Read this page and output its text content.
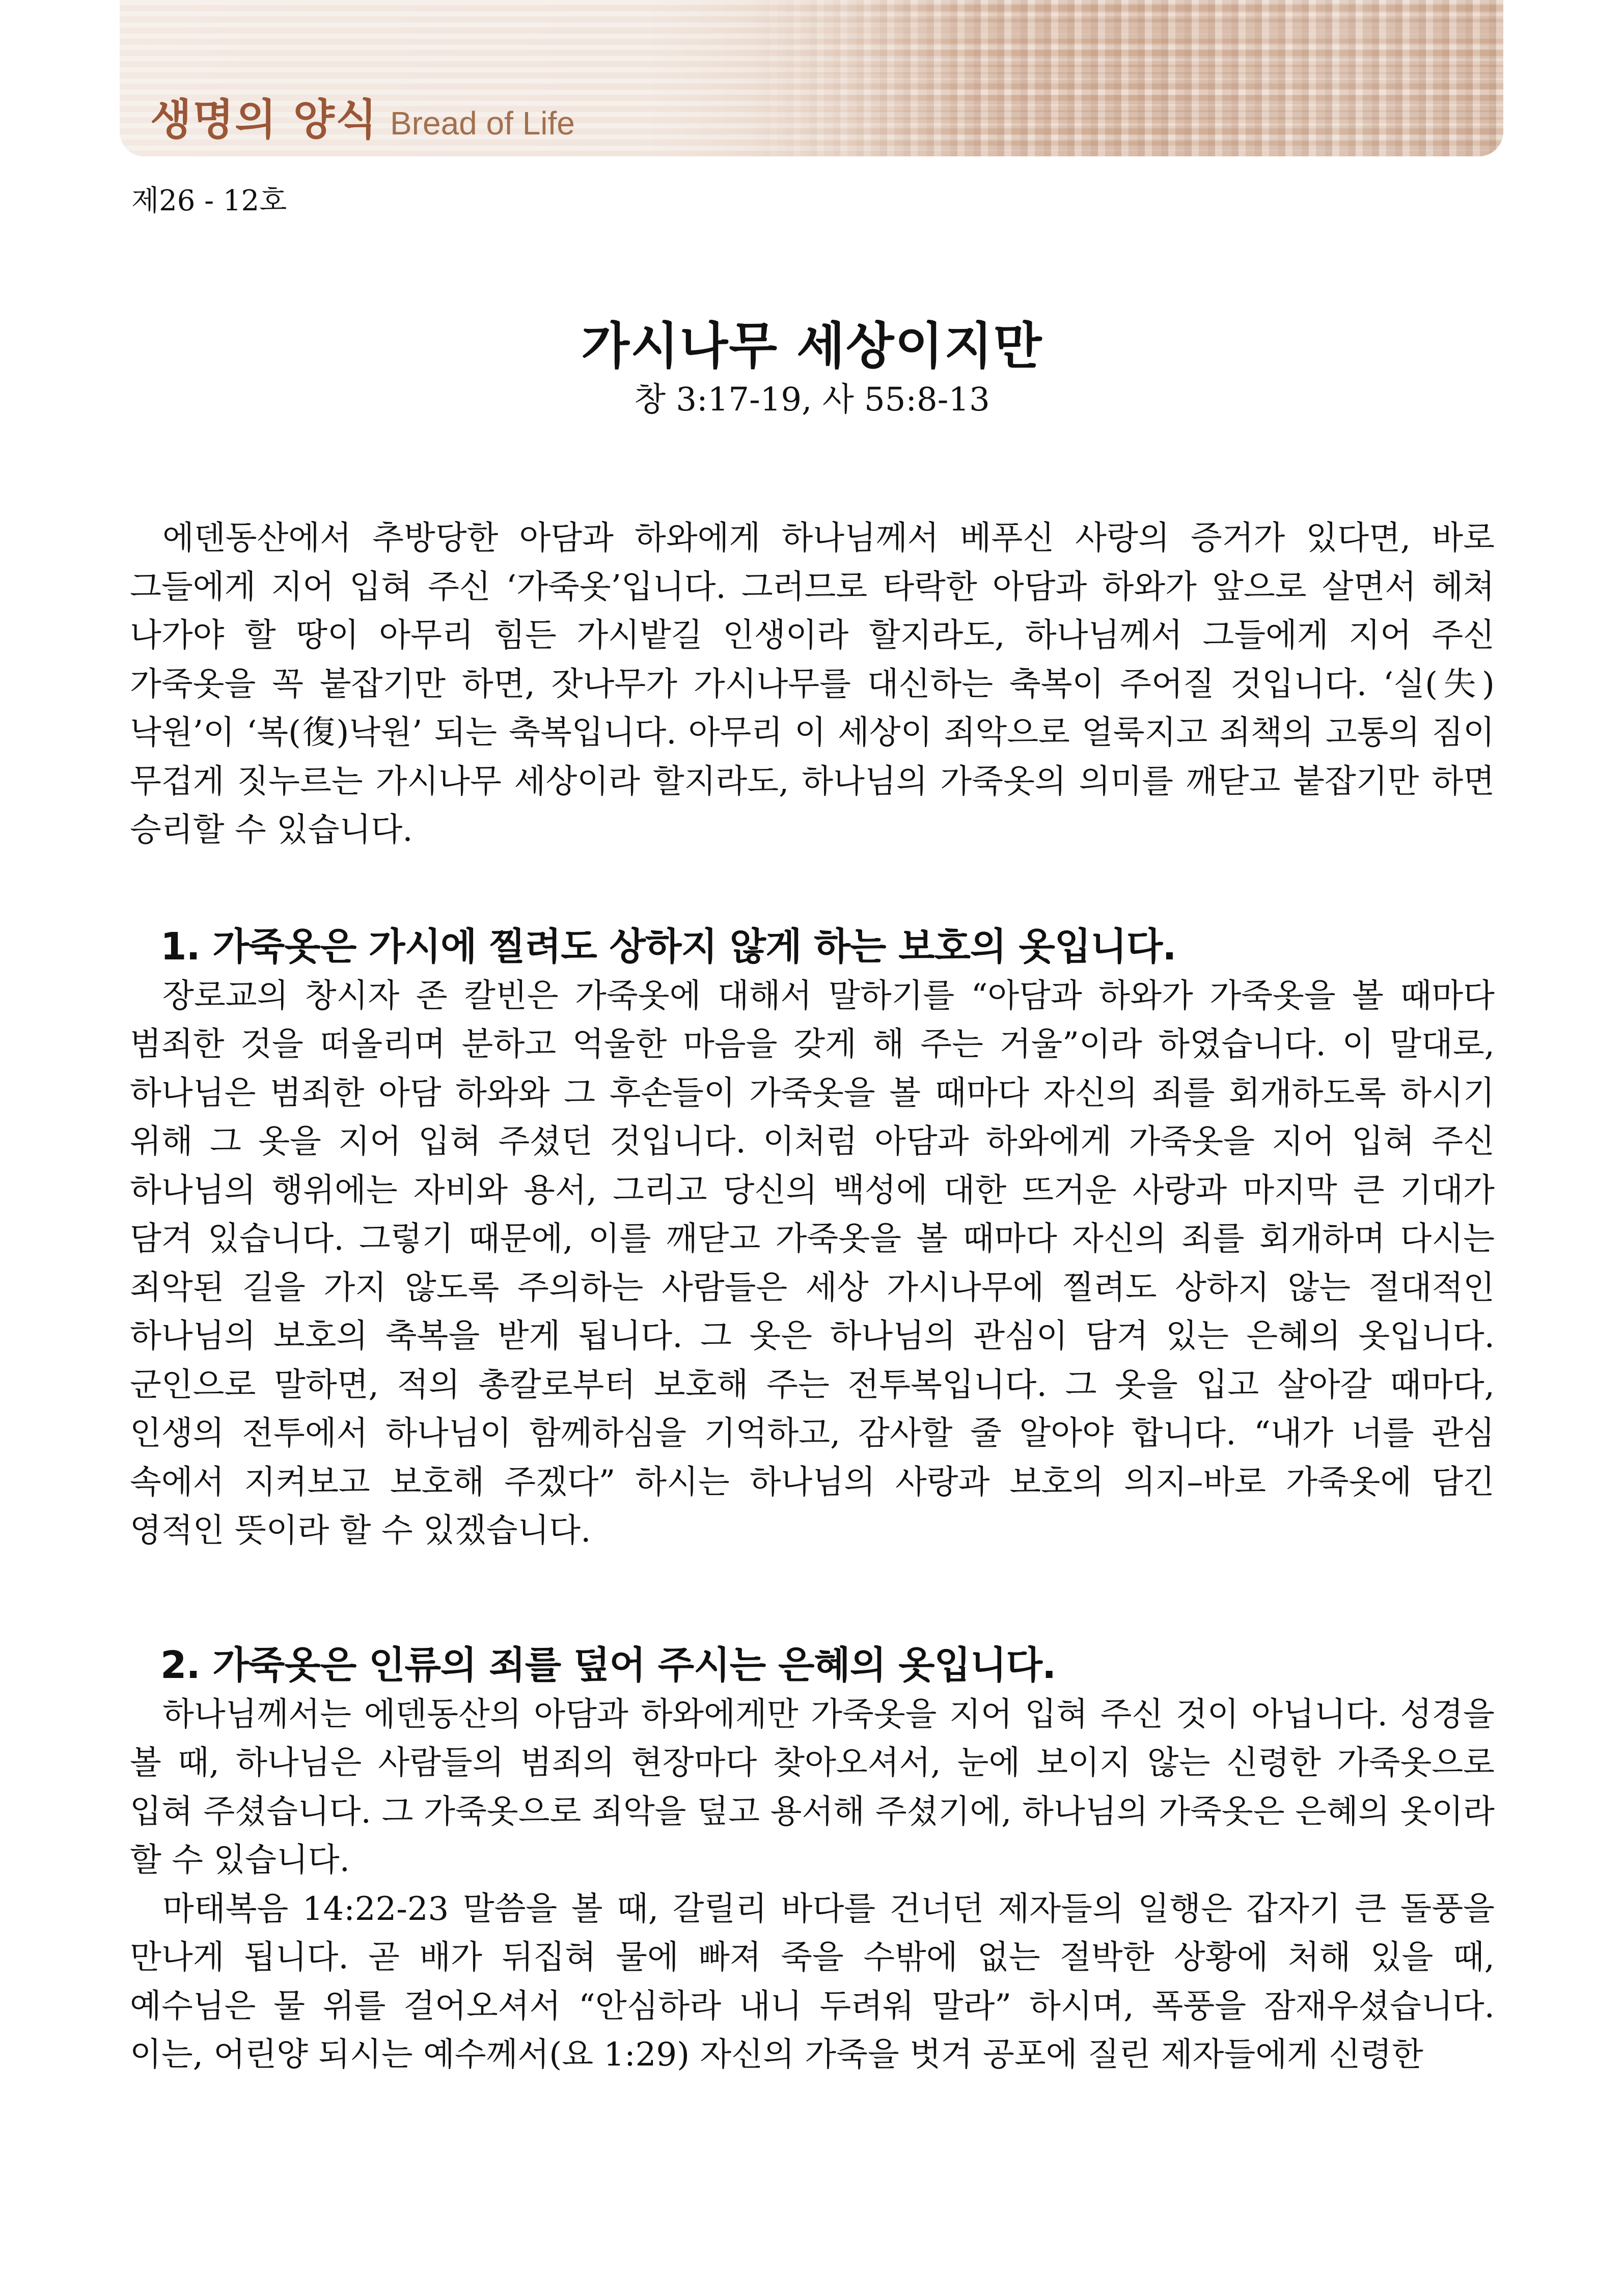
생명의 양식 Bread of Life
제26 - 12호
가시나무 세상이지만
창 3:17-19, 사 55:8-13

에덴동산에서 추방당한 아담과 하와에게 하나님께서 베푸신 사랑의 증거가 있다면, 바로 그들에게 지어 입혀 주신 ‘가죽옷’입니다. 그러므로 타락한 아담과 하와가 앞으로 살면서 헤쳐 나가야 할 땅이 아무리 힘든 가시밭길 인생이라 할지라도, 하나님께서 그들에게 지어 주신 가죽옷을 꼭 붙잡기만 하면, 잣나무가 가시나무를 대신하는 축복이 주어질 것입니다. ‘실(失)낙원’이 ‘복(復)낙원’ 되는 축복입니다. 아무리 이 세상이 죄악으로 얼룩지고 죄책의 고통의 짐이 무겁게 짓누르는 가시나무 세상이라 할지라도, 하나님의 가죽옷의 의미를 깨닫고 붙잡기만 하면 승리할 수 있습니다.

1. 가죽옷은 가시에 찔려도 상하지 않게 하는 보호의 옷입니다.

장로교의 창시자 존 칼빈은 가죽옷에 대해서 말하기를 “아담과 하와가 가죽옷을 볼 때마다 범죄한 것을 떠올리며 분하고 억울한 마음을 갖게 해 주는 거울”이라 하였습니다. 이 말대로, 하나님은 범죄한 아담 하와와 그 후손들이 가죽옷을 볼 때마다 자신의 죄를 회개하도록 하시기 위해 그 옷을 지어 입혀 주셨던 것입니다. 이처럼 아담과 하와에게 가죽옷을 지어 입혀 주신 하나님의 행위에는 자비와 용서, 그리고 당신의 백성에 대한 뜨거운 사랑과 마지막 큰 기대가 담겨 있습니다. 그렇기 때문에, 이를 깨닫고 가죽옷을 볼 때마다 자신의 죄를 회개하며 다시는 죄악된 길을 가지 않도록 주의하는 사람들은 세상 가시나무에 찔려도 상하지 않는 절대적인 하나님의 보호의 축복을 받게 됩니다. 그 옷은 하나님의 관심이 담겨 있는 은혜의 옷입니다. 군인으로 말하면, 적의 총칼로부터 보호해 주는 전투복입니다. 그 옷을 입고 살아갈 때마다, 인생의 전투에서 하나님이 함께하심을 기억하고, 감사할 줄 알아야 합니다. “내가 너를 관심 속에서 지켜보고 보호해 주겠다” 하시는 하나님의 사랑과 보호의 의지–바로 가죽옷에 담긴 영적인 뜻이라 할 수 있겠습니다.

2. 가죽옷은 인류의 죄를 덮어 주시는 은혜의 옷입니다.

하나님께서는 에덴동산의 아담과 하와에게만 가죽옷을 지어 입혀 주신 것이 아닙니다. 성경을 볼 때, 하나님은 사람들의 범죄의 현장마다 찾아오셔서, 눈에 보이지 않는 신령한 가죽옷으로 입혀 주셨습니다. 그 가죽옷으로 죄악을 덮고 용서해 주셨기에, 하나님의 가죽옷은 은혜의 옷이라 할 수 있습니다.

마태복음 14:22-23 말씀을 볼 때, 갈릴리 바다를 건너던 제자들의 일행은 갑자기 큰 돌풍을 만나게 됩니다. 곧 배가 뒤집혀 물에 빠져 죽을 수밖에 없는 절박한 상황에 처해 있을 때, 예수님은 물 위를 걸어오셔서 “안심하라 내니 두려워 말라” 하시며, 폭풍을 잠재우셨습니다. 이는, 어린양 되시는 예수께서(요 1:29) 자신의 가죽을 벗겨 공포에 질린 제자들에게 신령한
